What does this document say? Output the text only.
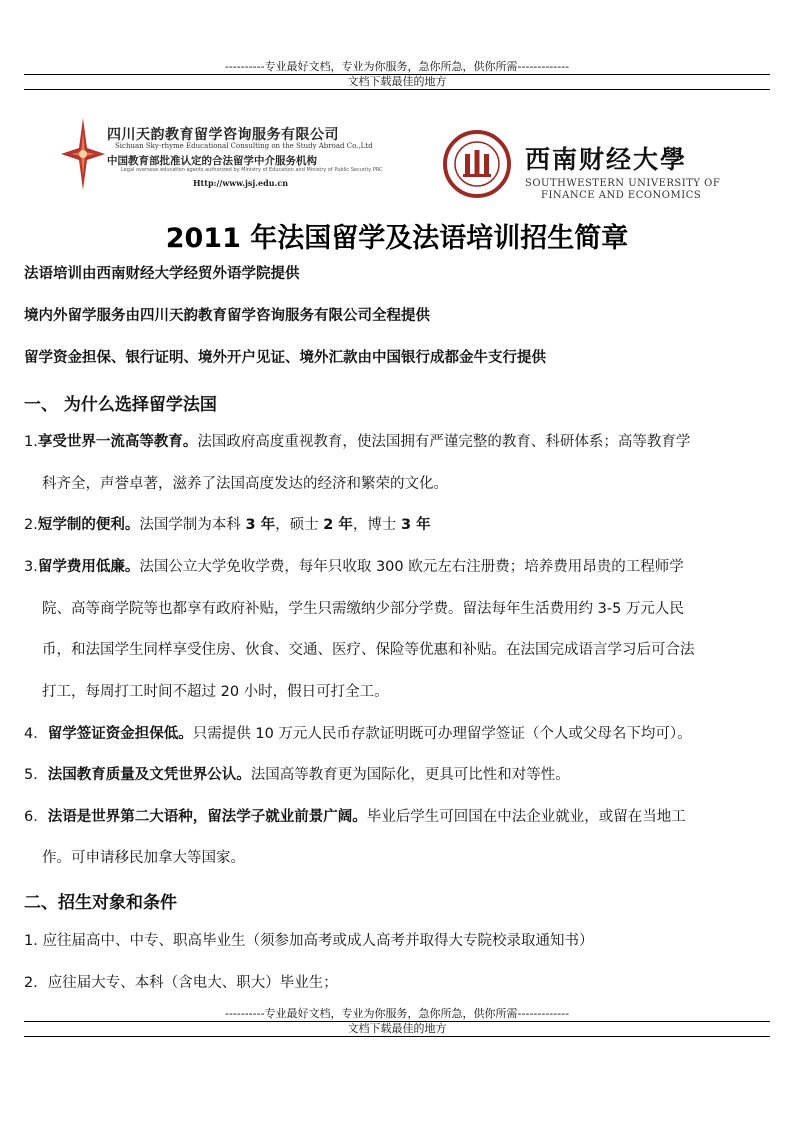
----------专业最好文档，专业为你服务，急你所急，供你所需-------------
文档下载最佳的地方
四川天韵教育留学咨询服务有限公司
Sichuan Sky-rhyme Educational Consulting on the Study Abroad Co.,Ltd
中国教育部批准认定的合法留学中介服务机构
Legal overseas education agents authorized by Ministry of Education and Ministry of Public Security PRC
Http://www.jsj.edu.cn
西南财经大學
SOUTHWESTERN UNIVERSITY OF
FINANCE AND ECONOMICS
2011 年法国留学及法语培训招生简章
法语培训由西南财经大学经贸外语学院提供
境内外留学服务由四川天韵教育留学咨询服务有限公司全程提供
留学资金担保、银行证明、境外开户见证、境外汇款由中国银行成都金牛支行提供
一、 为什么选择留学法国
1.享受世界一流高等教育。法国政府高度重视教育，使法国拥有严谨完整的教育、科研体系；高等教育学
科齐全，声誉卓著，滋养了法国高度发达的经济和繁荣的文化。
2.短学制的便利。法国学制为本科 3 年，硕士 2 年，博士 3 年
3.留学费用低廉。法国公立大学免收学费，每年只收取 300 欧元左右注册费；培养费用昂贵的工程师学
院、高等商学院等也都享有政府补贴，学生只需缴纳少部分学费。留法每年生活费用约 3-5 万元人民
币，和法国学生同样享受住房、伙食、交通、医疗、保险等优惠和补贴。在法国完成语言学习后可合法
打工，每周打工时间不超过 20 小时，假日可打全工。
4．留学签证资金担保低。只需提供 10 万元人民币存款证明既可办理留学签证（个人或父母名下均可）。
5．法国教育质量及文凭世界公认。法国高等教育更为国际化，更具可比性和对等性。
6．法语是世界第二大语种，留法学子就业前景广阔。毕业后学生可回国在中法企业就业，或留在当地工
作。可申请移民加拿大等国家。
二、招生对象和条件
1. 应往届高中、中专、职高毕业生（须参加高考或成人高考并取得大专院校录取通知书）
2．应往届大专、本科（含电大、职大）毕业生；
----------专业最好文档，专业为你服务，急你所急，供你所需-------------
文档下载最佳的地方
